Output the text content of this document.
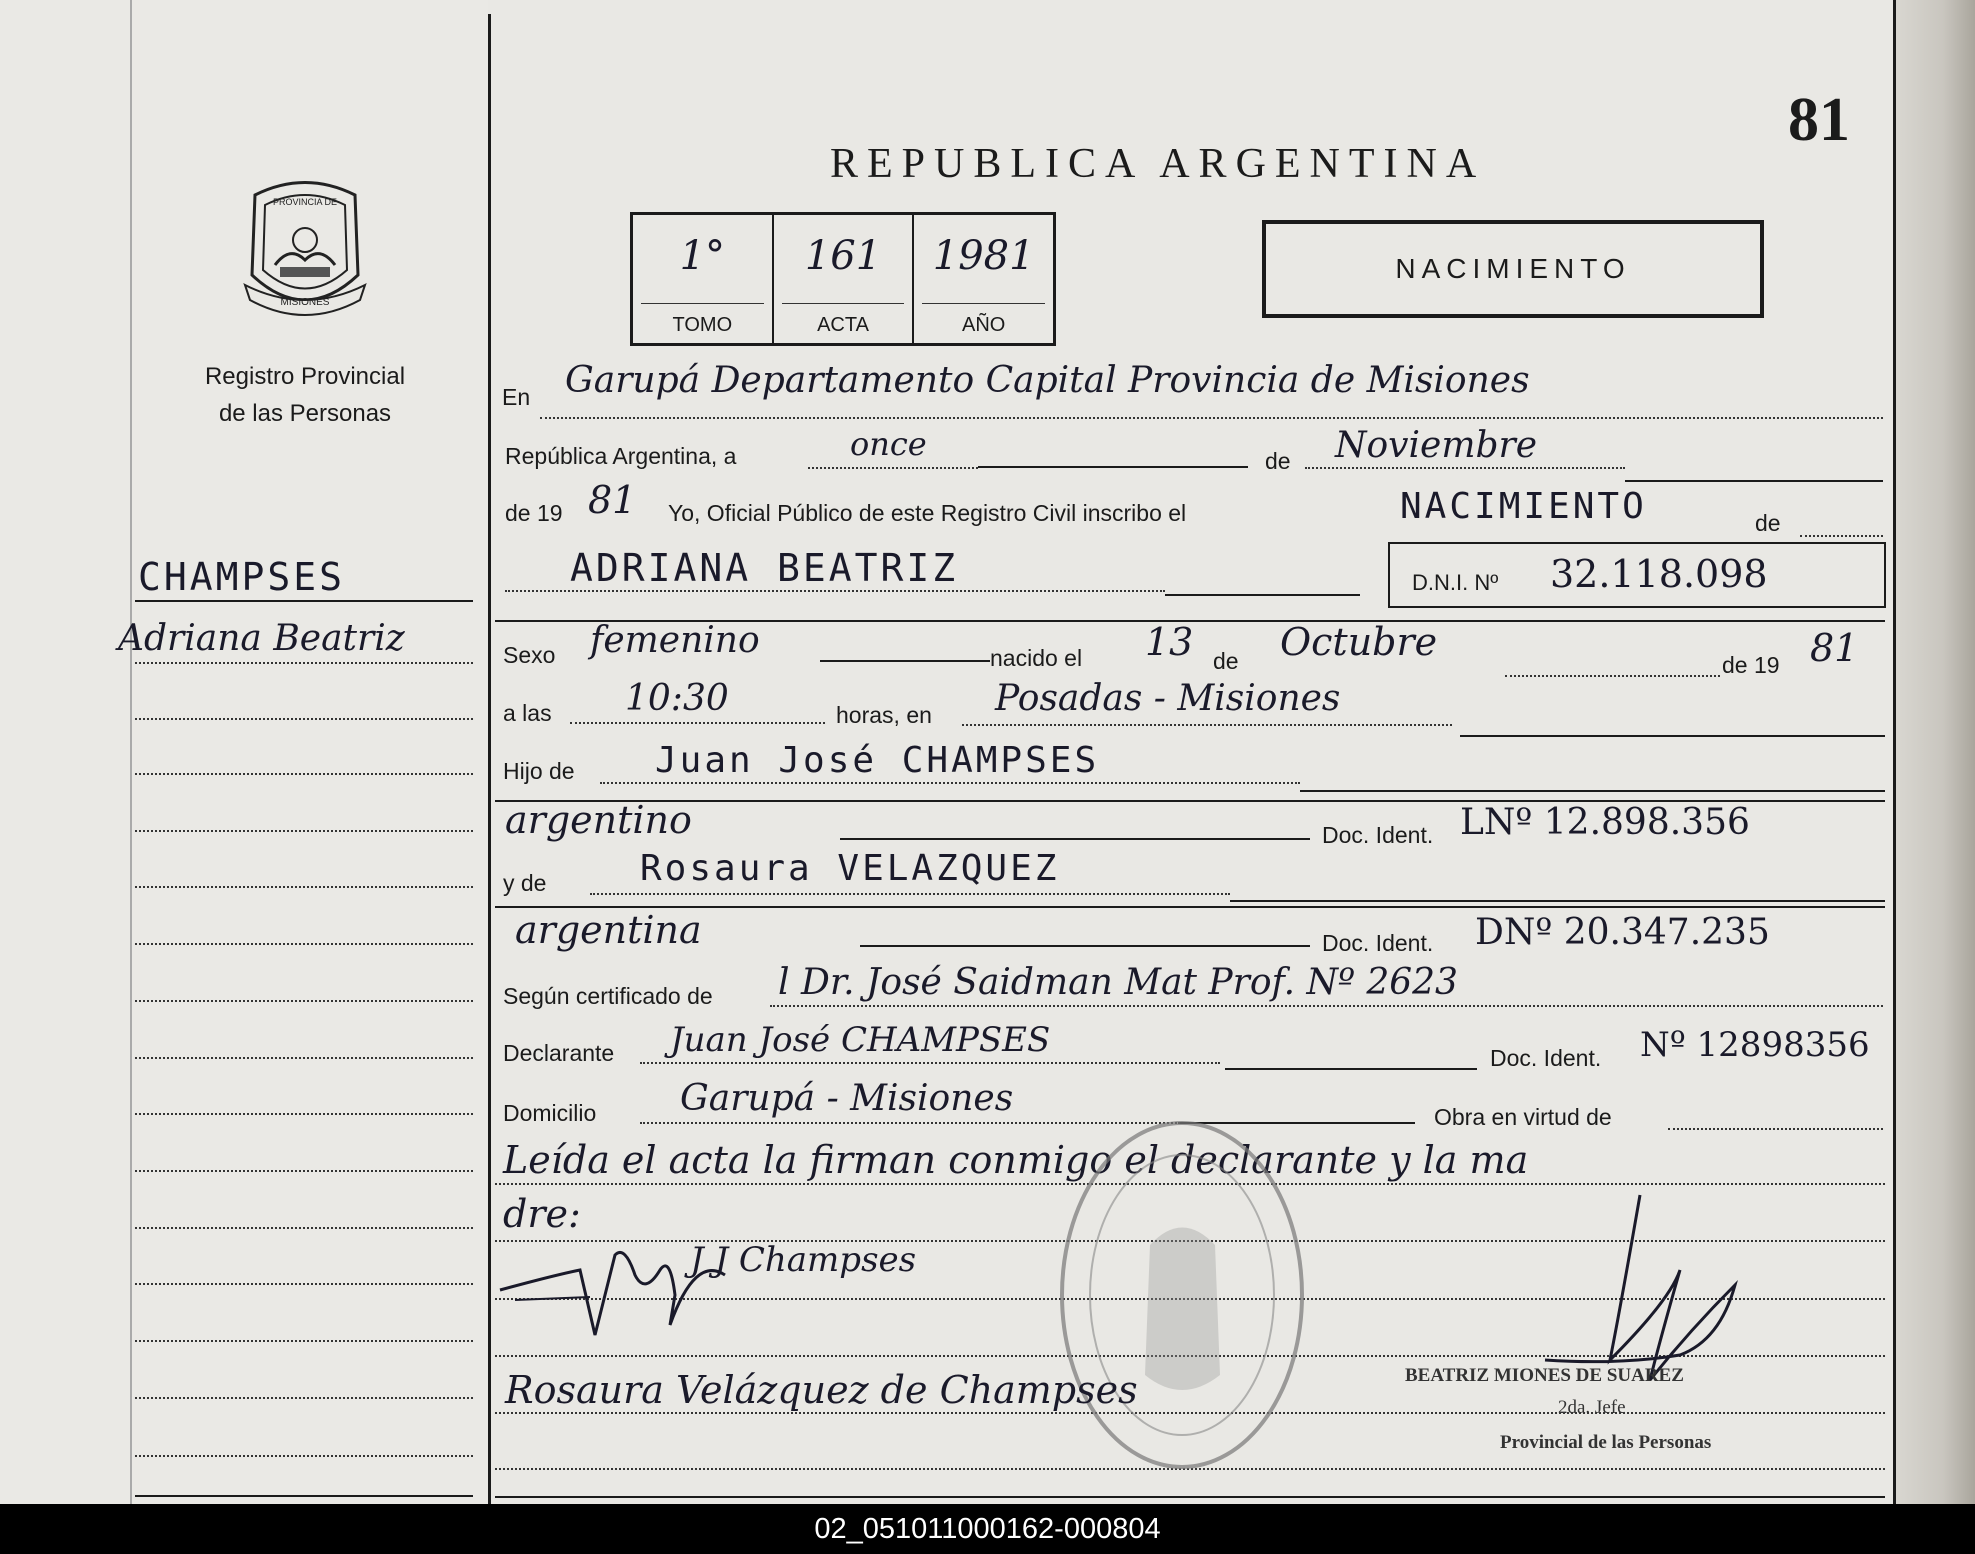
81
REPUBLICA ARGENTINA
PROVINCIA DE
MISIONES
Registro Provincial
de las Personas
1°
TOMO
161
ACTA
1981
AÑO
NACIMIENTO
CHAMPSES
Adriana Beatriz
En Garupá Departamento Capital Provincia de Misiones
República Argentina, a	once	de Noviembre
de 19 81 Yo, Oficial Público de este Registro Civil inscribo el	NACIMIENTO	de
ADRIANA BEATRIZ	D.N.I. Nº 32.118.098
Sexo femenino	nacido el 13 de Octubre
de 19 81
a las 10:30	horas, en Posadas - Misiones
Hijo de Juan José CHAMPSES
argentino	Doc. Ident. LNº 12.898.356
y de	Rosaura VELAZQUEZ
argentina	Doc. Ident. DNº 20.347.235
Según certificado de l Dr. José Saidman Mat Prof. Nº 2623
Declarante Juan José CHAMPSES	Doc. Ident. Nº 12898356
Domicilio Garupá - Misiones	Obra en virtud de
Leída el acta la firman conmigo el declarante y la ma
dre:
J J Champses
Rosaura Velázquez de Champses	BEATRIZ MIONES DE SUAREZ
2da. Jefe
Provincial de las Personas
02_051011000162-000804
